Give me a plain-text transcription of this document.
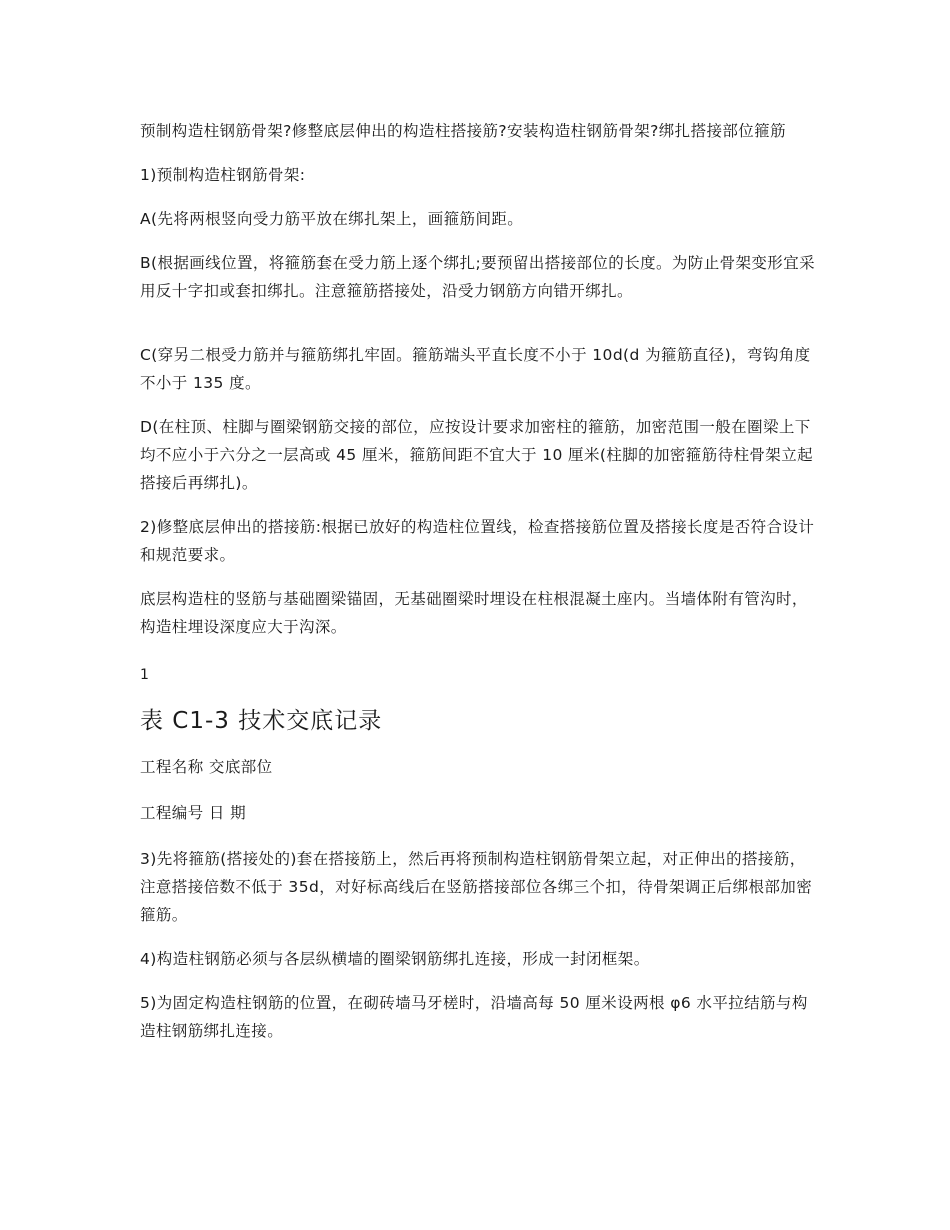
预制构造柱钢筋骨架?修整底层伸出的构造柱搭接筋?安装构造柱钢筋骨架?绑扎搭接部位箍筋

1)预制构造柱钢筋骨架:

A(先将两根竖向受力筋平放在绑扎架上，画箍筋间距。

B(根据画线位置，将箍筋套在受力筋上逐个绑扎;要预留出搭接部位的长度。为防止骨架变形宜采用反十字扣或套扣绑扎。注意箍筋搭接处，沿受力钢筋方向错开绑扎。

C(穿另二根受力筋并与箍筋绑扎牢固。箍筋端头平直长度不小于 10d(d 为箍筋直径)，弯钩角度不小于 135 度。

D(在柱顶、柱脚与圈梁钢筋交接的部位，应按设计要求加密柱的箍筋，加密范围一般在圈梁上下均不应小于六分之一层高或 45 厘米，箍筋间距不宜大于 10 厘米(柱脚的加密箍筋待柱骨架立起搭接后再绑扎)。

2)修整底层伸出的搭接筋:根据已放好的构造柱位置线，检查搭接筋位置及搭接长度是否符合设计和规范要求。

底层构造柱的竖筋与基础圈梁锚固，无基础圈梁时埋设在柱根混凝土座内。当墙体附有管沟时，构造柱埋设深度应大于沟深。

1
表 C1-3 技术交底记录
工程名称 交底部位
工程编号 日 期

3)先将箍筋(搭接处的)套在搭接筋上，然后再将预制构造柱钢筋骨架立起，对正伸出的搭接筋，注意搭接倍数不低于 35d，对好标高线后在竖筋搭接部位各绑三个扣，待骨架调正后绑根部加密箍筋。

4)构造柱钢筋必须与各层纵横墙的圈梁钢筋绑扎连接，形成一封闭框架。

5)为固定构造柱钢筋的位置，在砌砖墙马牙槎时，沿墙高每 50 厘米设两根 φ6 水平拉结筋与构造柱钢筋绑扎连接。
